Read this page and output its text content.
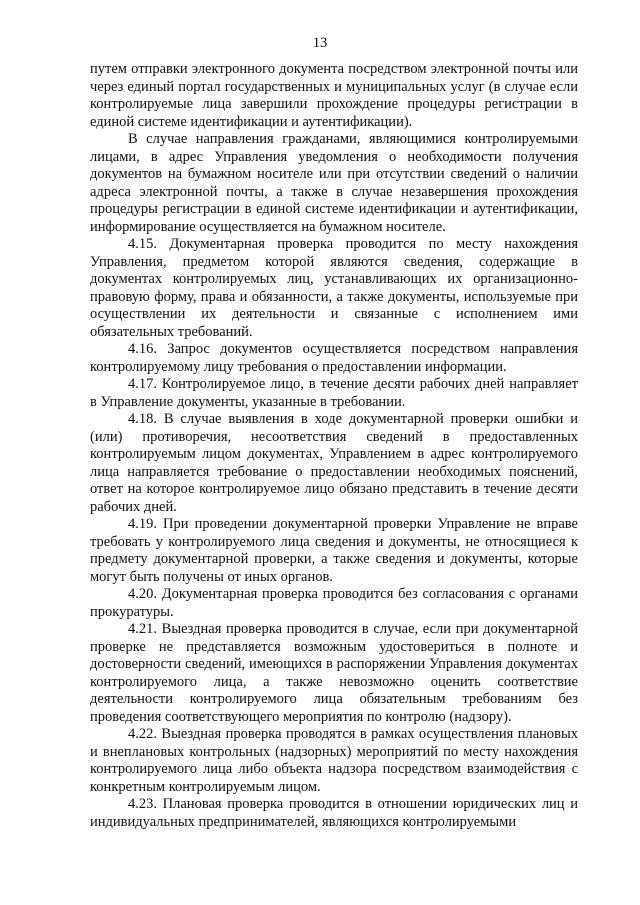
13

путем отправки электронного документа посредством электронной почты или через единый портал государственных и муниципальных услуг (в случае если контролируемые лица завершили прохождение процедуры регистрации в единой системе идентификации и аутентификации).

В случае направления гражданами, являющимися контролируемыми лицами, в адрес Управления уведомления о необходимости получения документов на бумажном носителе или при отсутствии сведений о наличии адреса электронной почты, а также в случае незавершения прохождения процедуры регистрации в единой системе идентификации и аутентификации, информирование осуществляется на бумажном носителе.

4.15. Документарная проверка проводится по месту нахождения Управления, предметом которой являются сведения, содержащие в документах контролируемых лиц, устанавливающих их организационно-правовую форму, права и обязанности, а также документы, используемые при осуществлении их деятельности и связанные с исполнением ими обязательных требований.

4.16. Запрос документов осуществляется посредством направления контролируемому лицу требования о предоставлении информации.

4.17. Контролируемое лицо, в течение десяти рабочих дней направляет в Управление документы, указанные в требовании.

4.18. В случае выявления в ходе документарной проверки ошибки и (или) противоречия, несоответствия сведений в предоставленных контролируемым лицом документах, Управлением в адрес контролируемого лица направляется требование о предоставлении необходимых пояснений, ответ на которое контролируемое лицо обязано представить в течение десяти рабочих дней.

4.19. При проведении документарной проверки Управление не вправе требовать у контролируемого лица сведения и документы, не относящиеся к предмету документарной проверки, а также сведения и документы, которые могут быть получены от иных органов.

4.20. Документарная проверка проводится без согласования с органами прокуратуры.

4.21. Выездная проверка проводится в случае, если при документарной проверке не представляется возможным удостовериться в полноте и достоверности сведений, имеющихся в распоряжении Управления документах контролируемого лица, а также невозможно оценить соответствие деятельности контролируемого лица обязательным требованиям без проведения соответствующего мероприятия по контролю (надзору).

4.22. Выездная проверка проводятся в рамках осуществления плановых и внеплановых контрольных (надзорных) мероприятий по месту нахождения контролируемого лица либо объекта надзора посредством взаимодействия с конкретным контролируемым лицом.

4.23. Плановая проверка проводится в отношении юридических лиц и индивидуальных предпринимателей, являющихся контролируемыми
